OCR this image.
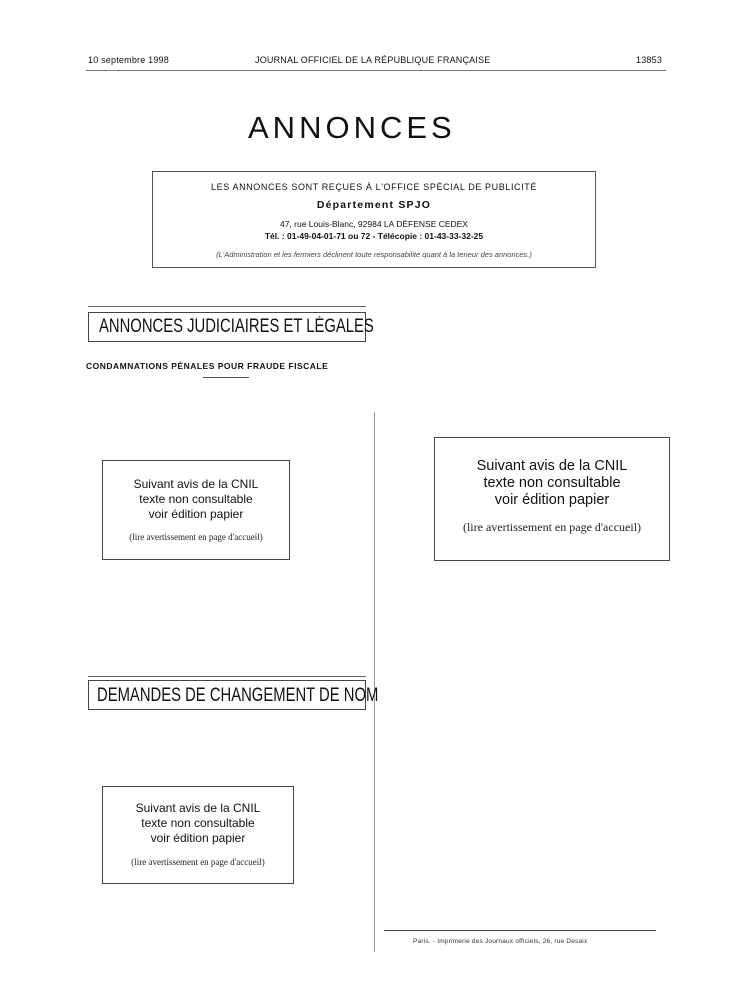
10 septembre 1998	JOURNAL OFFICIEL DE LA RÉPUBLIQUE FRANÇAISE	13853
ANNONCES
LES ANNONCES SONT REÇUES À L'OFFICE SPÉCIAL DE PUBLICITÉ
Département SPJO
47, rue Louis-Blanc, 92984 LA DÉFENSE CEDEX
Tél. : 01-49-04-01-71 ou 72 - Télécopie : 01-43-33-32-25
(L'Administration et les fermiers déclinent toute responsabilité quant à la teneur des annonces.)
ANNONCES JUDICIAIRES ET LÉGALES
CONDAMNATIONS PÉNALES POUR FRAUDE FISCALE
Suivant avis de la CNIL
texte non consultable
voir édition papier
(lire avertissement en page d'accueil)
Suivant avis de la CNIL
texte non consultable
voir édition papier
(lire avertissement en page d'accueil)
DEMANDES DE CHANGEMENT DE NOM
Suivant avis de la CNIL
texte non consultable
voir édition papier
(lire avertissement en page d'accueil)
Paris. - Imprimerie des Journaux officiels, 26, rue Desaix
